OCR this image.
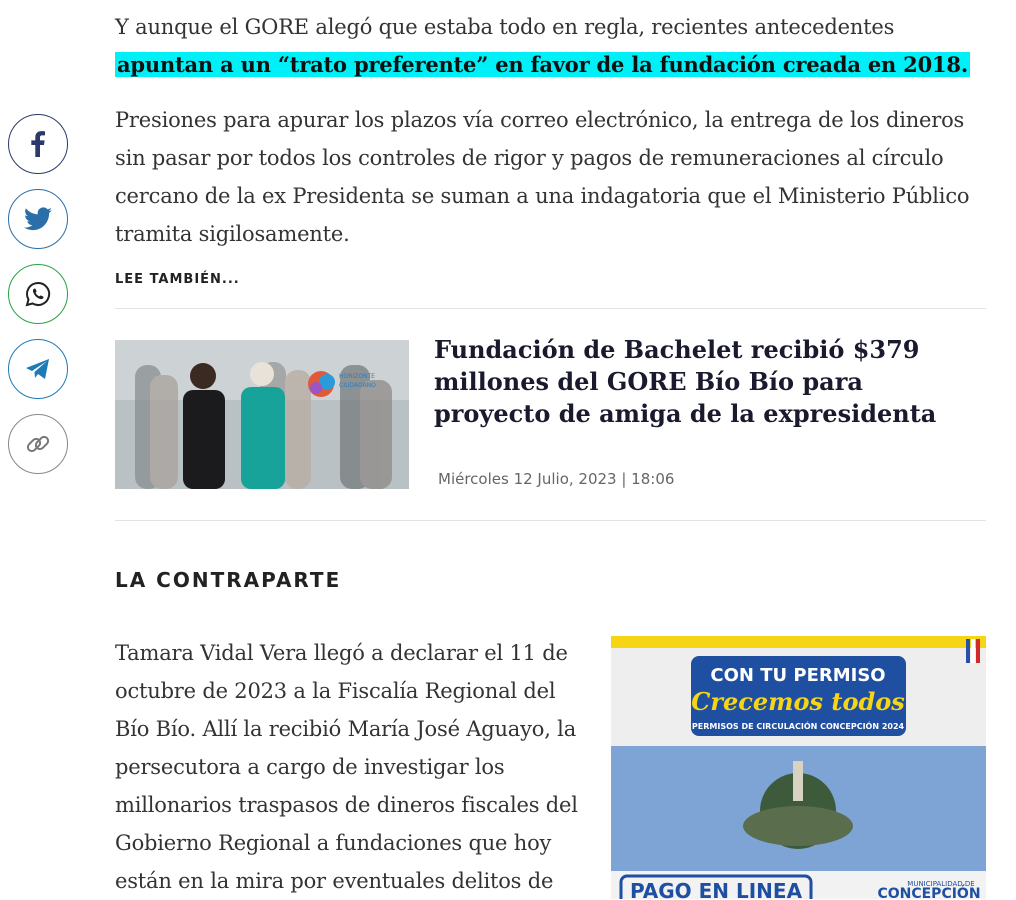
Y aunque el GORE alegó que estaba todo en regla, recientes antecedentes apuntan a un “trato preferente” en favor de la fundación creada en 2018.

Presiones para apurar los plazos vía correo electrónico, la entrega de los dineros sin pasar por todos los controles de rigor y pagos de remuneraciones al círculo cercano de la ex Presidenta se suman a una indagatoria que el Ministerio Público tramita sigilosamente.

LEE TAMBIÉN...
HORIZONTE
CIUDADANO
Fundación de Bachelet recibió $379 millones del GORE Bío Bío para proyecto de amiga de la expresidenta
Miércoles 12 Julio, 2023 | 18:06
LA CONTRAPARTE

Tamara Vidal Vera llegó a declarar el 11 de octubre de 2023 a la Fiscalía Regional del Bío Bío. Allí la recibió María José Aguayo, la persecutora a cargo de investigar los millonarios traspasos de dineros fiscales del Gobierno Regional a fundaciones que hoy están en la mira por eventuales delitos de

CON TU PERMISO
Crecemos todos
PERMISOS DE CIRCULACIÓN CONCEPCIÓN 2024
PAGO EN LINEA	MUNICIPALIDAD DE
CONCEPCIÓN
